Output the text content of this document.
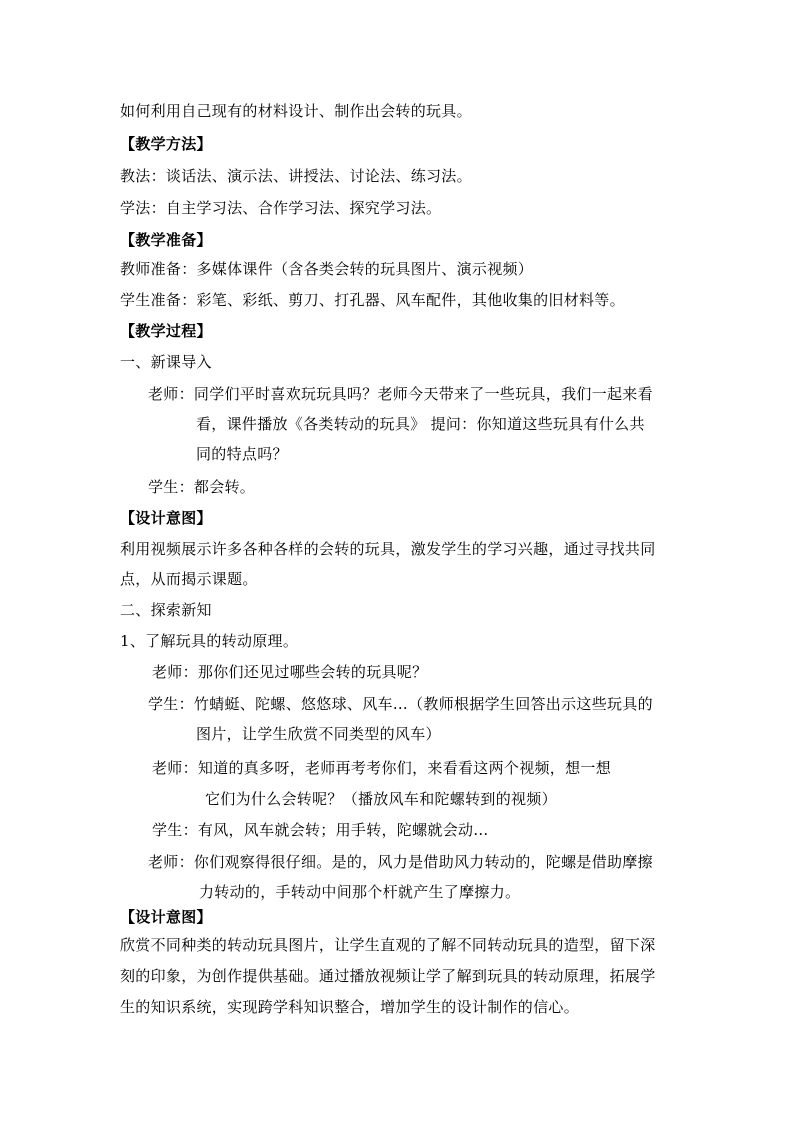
如何利用自己现有的材料设计、制作出会转的玩具。
【教学方法】
教法：谈话法、演示法、讲授法、讨论法、练习法。
学法：自主学习法、合作学习法、探究学习法。
【教学准备】
教师准备：多媒体课件（含各类会转的玩具图片、演示视频）
学生准备：彩笔、彩纸、剪刀、打孔器、风车配件，其他收集的旧材料等。
【教学过程】
一、新课导入
老师：同学们平时喜欢玩玩具吗？老师今天带来了一些玩具，我们一起来看
看，课件播放《各类转动的玩具》 提问：你知道这些玩具有什么共
同的特点吗？
学生：都会转。
【设计意图】
利用视频展示许多各种各样的会转的玩具，激发学生的学习兴趣，通过寻找共同
点，从而揭示课题。
二、探索新知
1、了解玩具的转动原理。
老师：那你们还见过哪些会转的玩具呢？
学生：竹蜻蜓、陀螺、悠悠球、风车…（教师根据学生回答出示这些玩具的
图片，让学生欣赏不同类型的风车）
老师：知道的真多呀，老师再考考你们，来看看这两个视频，想一想
它们为什么会转呢？（播放风车和陀螺转到的视频）
学生：有风，风车就会转；用手转，陀螺就会动…
老师：你们观察得很仔细。是的，风力是借助风力转动的，陀螺是借助摩擦
力转动的，手转动中间那个杆就产生了摩擦力。
【设计意图】
欣赏不同种类的转动玩具图片，让学生直观的了解不同转动玩具的造型，留下深
刻的印象，为创作提供基础。通过播放视频让学了解到玩具的转动原理，拓展学
生的知识系统，实现跨学科知识整合，增加学生的设计制作的信心。
